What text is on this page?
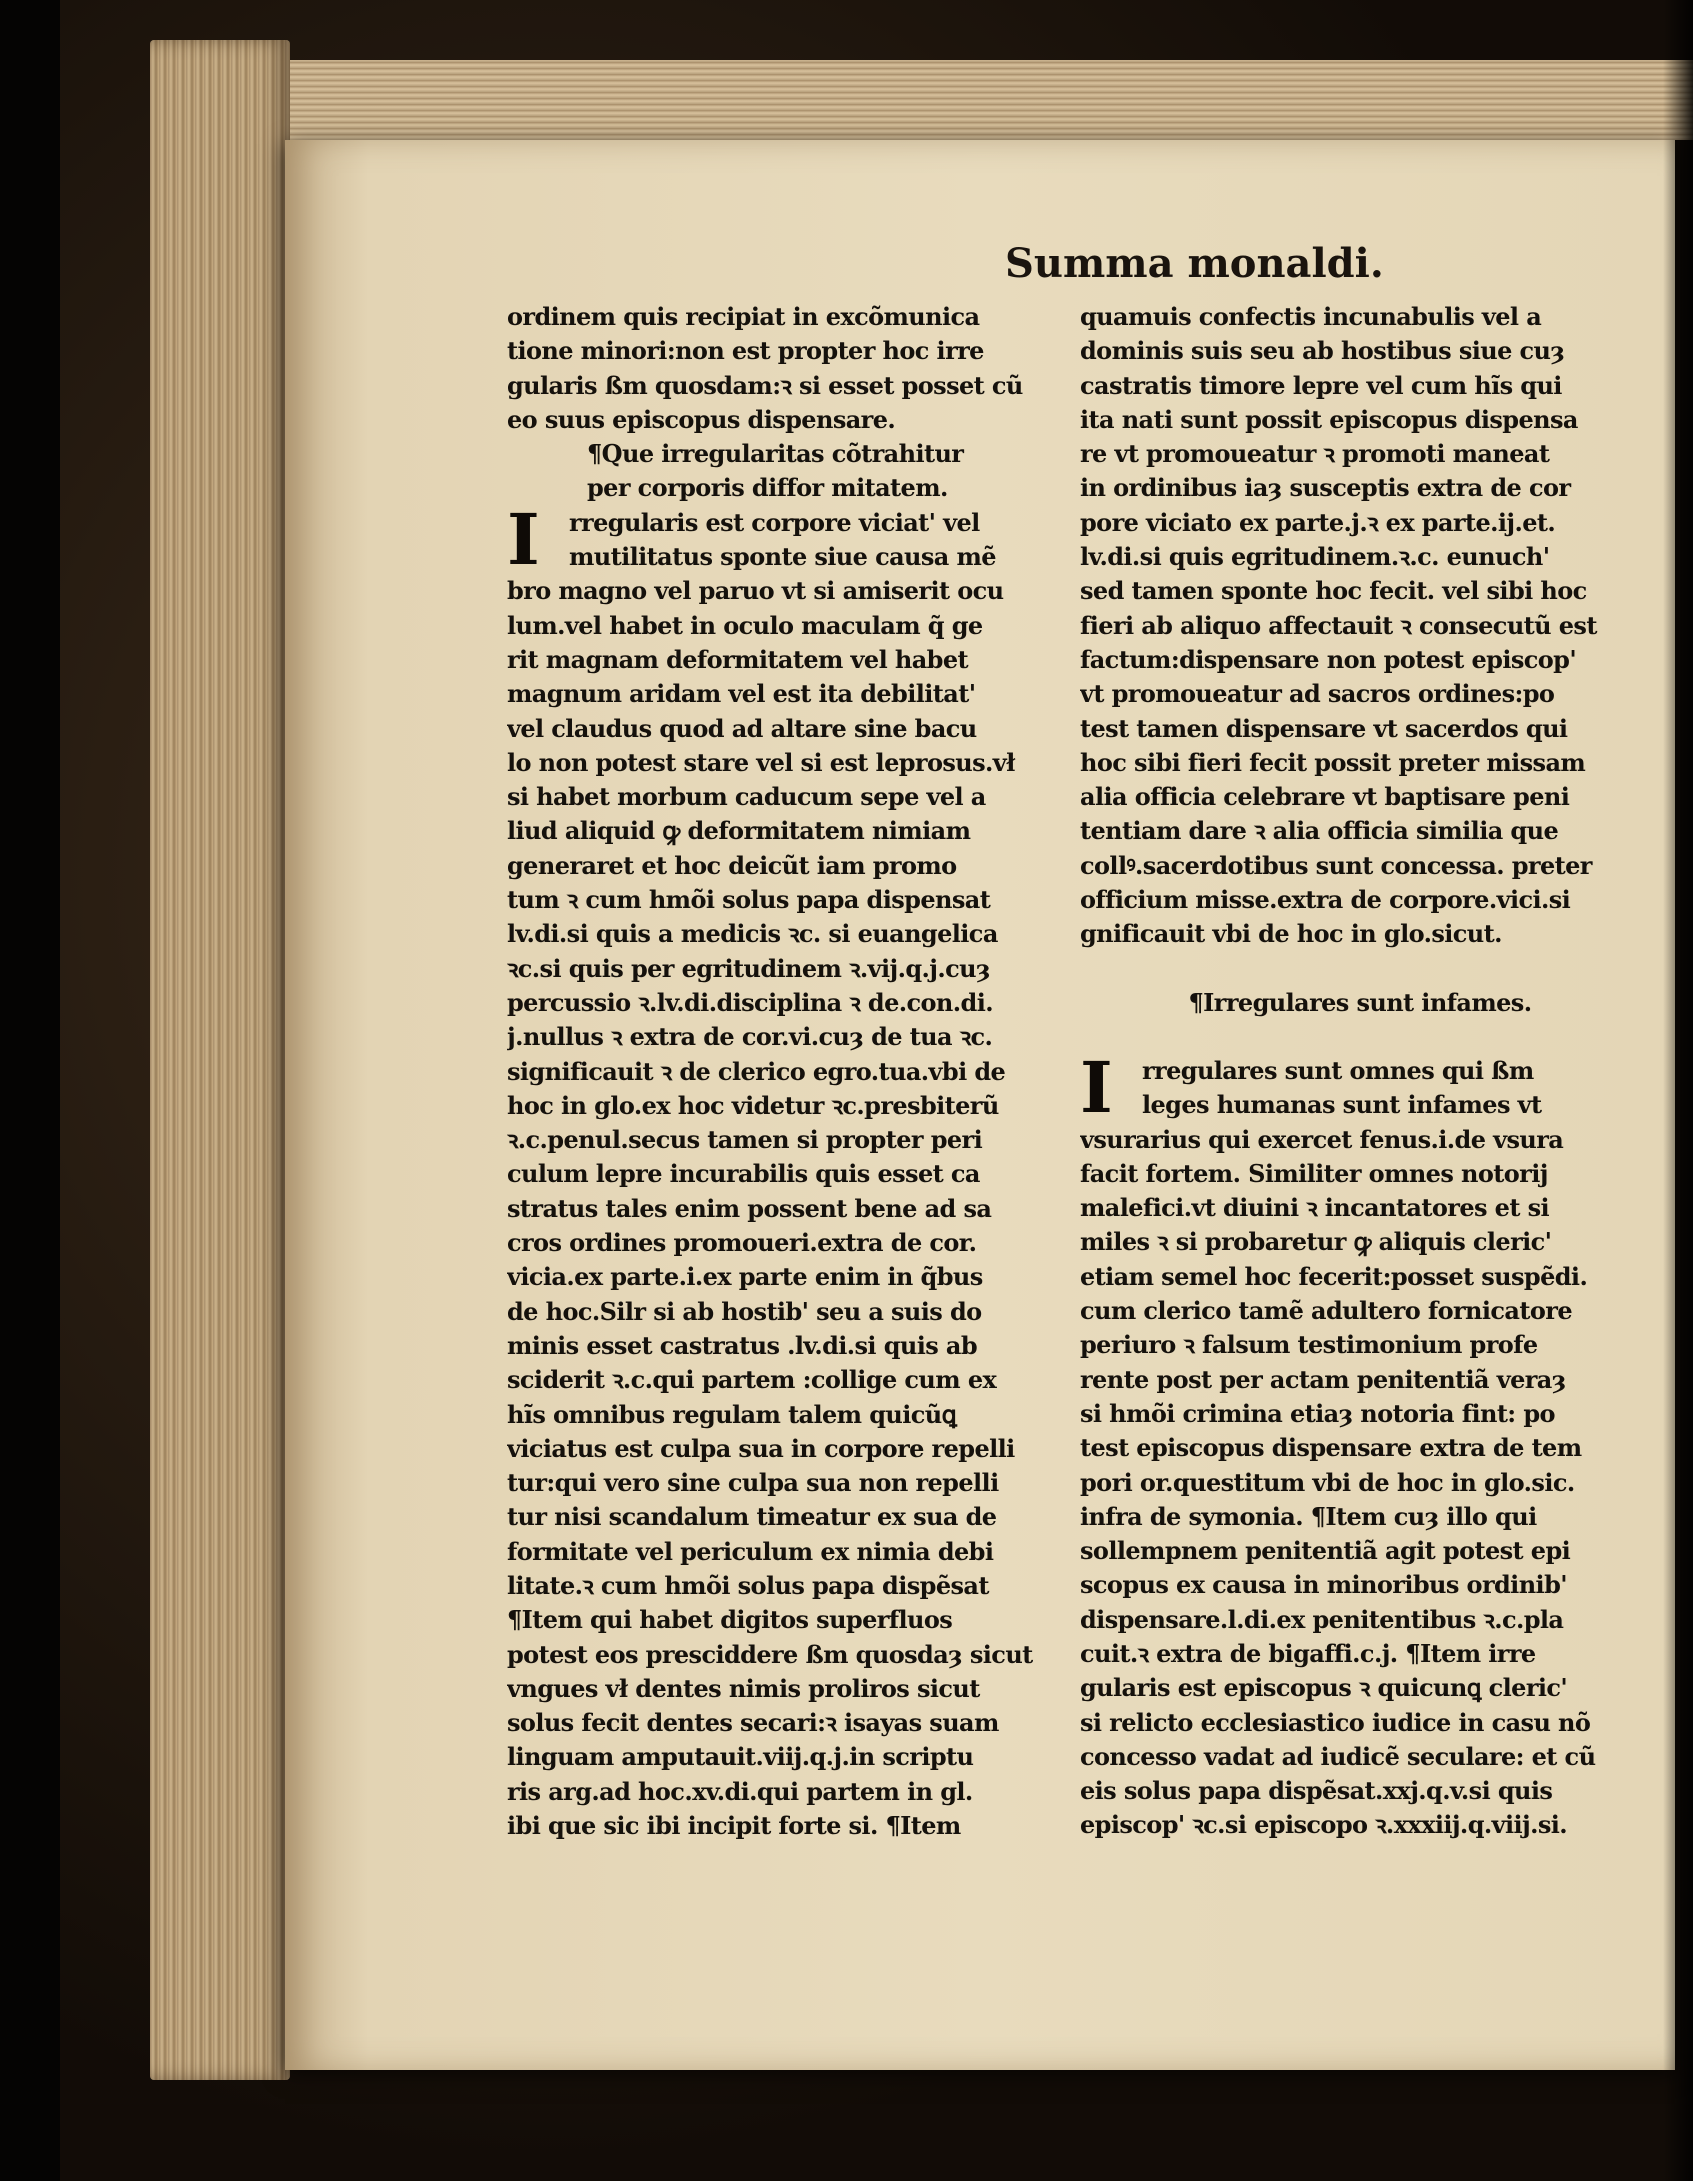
Summa monaldi.
ordinem quis recipiat in excõmunica
tione minori:non est propter hoc irre
gularis ßm quosdam:ꝛ si esset posset cũ
eo suus episcopus dispensare.
¶Que irregularitas cõtrahitur
per corporis diffor mitatem.
I	rregularis est corpore viciat' vel
mutilitatus sponte siue causa mẽ
bro magno vel paruo vt si amiserit ocu
lum.vel habet in oculo maculam q̃ ge
rit magnam deformitatem vel habet
magnum aridam vel est ita debilitat'
vel claudus quod ad altare sine bacu
lo non potest stare vel si est leprosus.vł
si habet morbum caducum sepe vel a
liud aliquid ꝙ deformitatem nimiam
generaret et hoc deicũt iam promo
tum ꝛ cum hmõi solus papa dispensat
lv.di.si quis a medicis ꝛc. si euangelica
ꝛc.si quis per egritudinem ꝛ.vij.q.j.cuȝ
percussio ꝛ.lv.di.disciplina ꝛ de.con.di.
j.nullus ꝛ extra de cor.vi.cuȝ de tua ꝛc.
significauit ꝛ de clerico egro.tua.vbi de
hoc in glo.ex hoc videtur ꝛc.presbiterũ
ꝛ.c.penul.secus tamen si propter peri
culum lepre incurabilis quis esset ca
stratus tales enim possent bene ad sa
cros ordines promoueri.extra de cor.
vicia.ex parte.i.ex parte enim in q̃bus
de hoc.Silr si ab hostib' seu a suis do
minis esset castratus .lv.di.si quis ab
sciderit ꝛ.c.qui partem :collige cum ex
hĩs omnibus regulam talem quicũꝗ
viciatus est culpa sua in corpore repelli
tur:qui vero sine culpa sua non repelli
tur nisi scandalum timeatur ex sua de
formitate vel periculum ex nimia debi
litate.ꝛ cum hmõi solus papa dispẽsat
¶Item qui habet digitos superfluos
potest eos presciddere ßm quosdaȝ sicut
vngues vł dentes nimis proliros sicut
solus fecit dentes secari:ꝛ isayas suam
linguam amputauit.viij.q.j.in scriptu
ris arg.ad hoc.xv.di.qui partem in gl.
ibi que sic ibi incipit forte si. ¶Item
quamuis confectis incunabulis vel a
dominis suis seu ab hostibus siue cuȝ
castratis timore lepre vel cum hĩs qui
ita nati sunt possit episcopus dispensa
re vt promoueatur ꝛ promoti maneat
in ordinibus iaȝ susceptis extra de cor
pore viciato ex parte.j.ꝛ ex parte.ij.et.
lv.di.si quis egritudinem.ꝛ.c. eunuch'
sed tamen sponte hoc fecit. vel sibi hoc
fieri ab aliquo affectauit ꝛ consecutũ est
factum:dispensare non potest episcop'
vt promoueatur ad sacros ordines:po
test tamen dispensare vt sacerdos qui
hoc sibi fieri fecit possit preter missam
alia officia celebrare vt baptisare peni
tentiam dare ꝛ alia officia similia que
collꝰ.sacerdotibus sunt concessa. preter
officium misse.extra de corpore.vici.si
gnificauit vbi de hoc in glo.sicut.
¶Irregulares sunt infames.
I	rregulares sunt omnes qui ßm
leges humanas sunt infames vt
vsurarius qui exercet fenus.i.de vsura
facit fortem. Similiter omnes notorij
malefici.vt diuini ꝛ incantatores et si
miles ꝛ si probaretur ꝙ aliquis cleric'
etiam semel hoc fecerit:posset suspẽdi.
cum clerico tamẽ adultero fornicatore
periuro ꝛ falsum testimonium profe
rente post per actam penitentiã veraȝ
si hmõi crimina etiaȝ notoria fint: po
test episcopus dispensare extra de tem
pori or.questitum vbi de hoc in glo.sic.
infra de symonia. ¶Item cuȝ illo qui
sollempnem penitentiã agit potest epi
scopus ex causa in minoribus ordinib'
dispensare.l.di.ex penitentibus ꝛ.c.pla
cuit.ꝛ extra de bigaffi.c.j. ¶Item irre
gularis est episcopus ꝛ quicunꝗ cleric'
si relicto ecclesiastico iudice in casu nõ
concesso vadat ad iudicẽ seculare: et cũ
eis solus papa dispẽsat.xxj.q.v.si quis
episcop' ꝛc.si episcopo ꝛ.xxxiij.q.viij.si.
